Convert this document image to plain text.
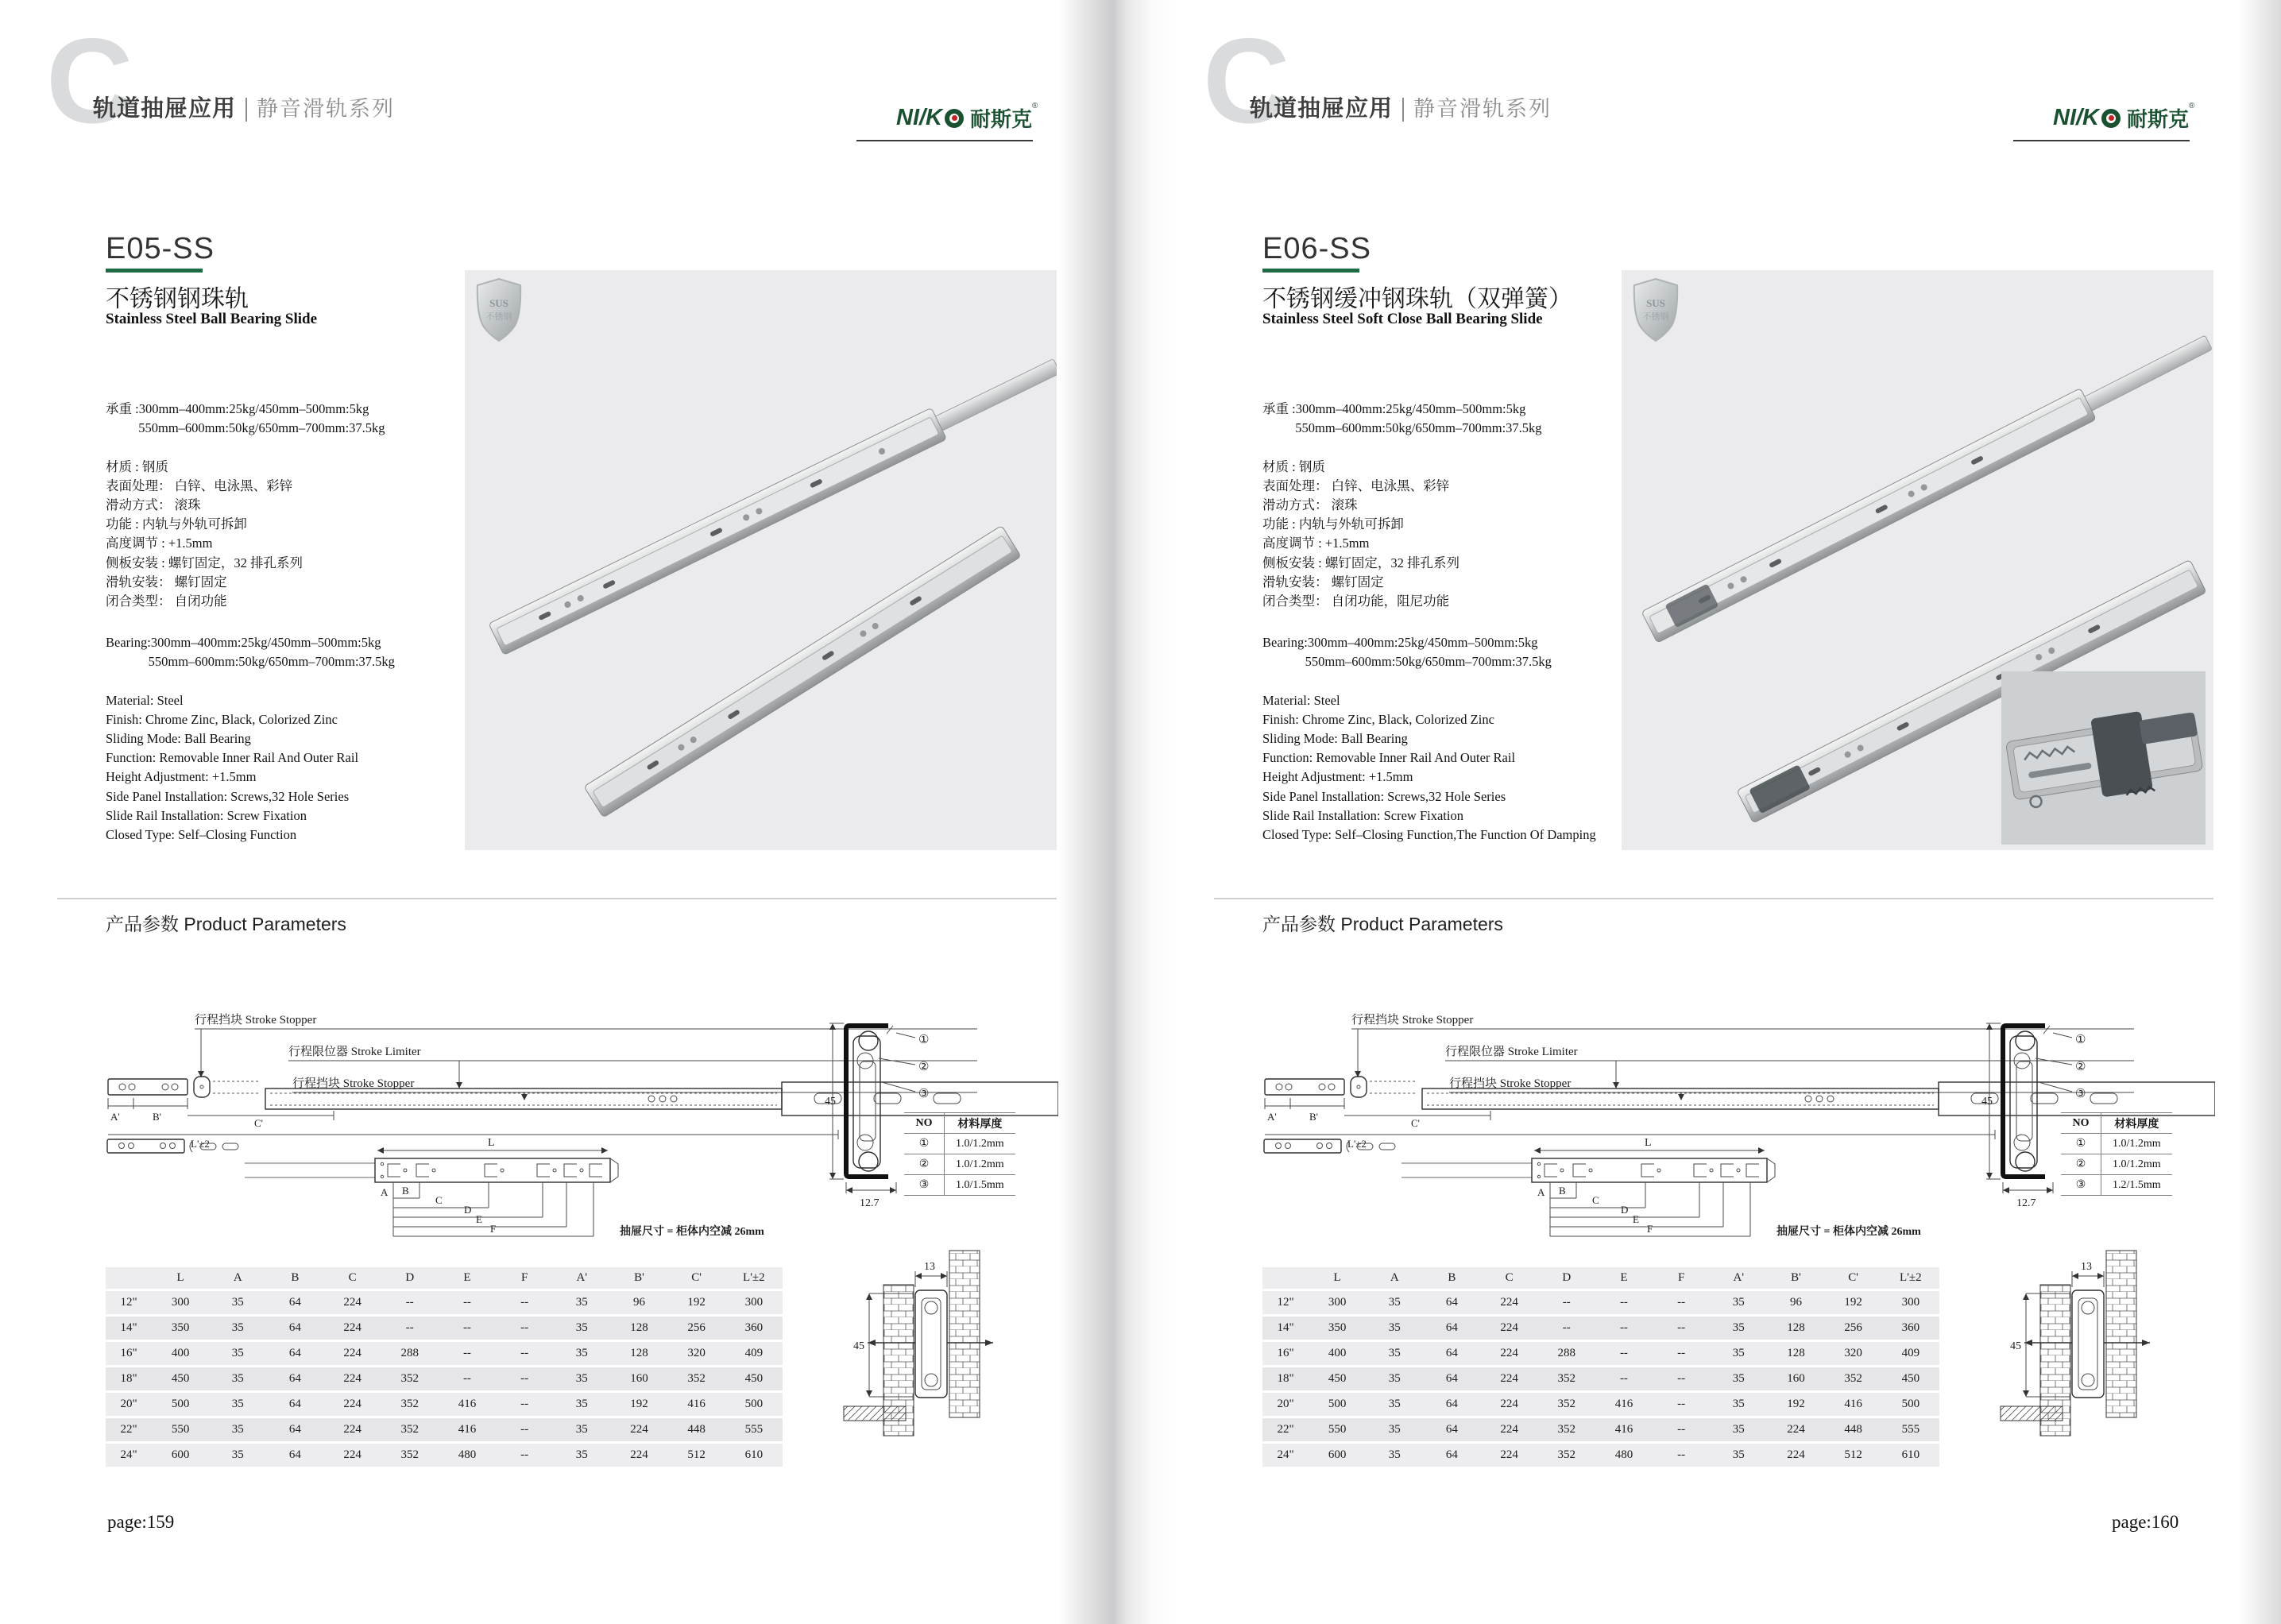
C
轨道抽屉应用 静音滑轨系列	NI/K 耐斯克
®
E05-SS
不锈钢钢珠轨
Stainless Steel Ball Bearing Slide
SUS
不锈钢
承重 :300mm–400mm:25kg/450mm–500mm:5kg
550mm–600mm:50kg/650mm–700mm:37.5kg
材质 : 钢质
表面处理： 白锌、电泳黑、彩锌
滑动方式： 滚珠
功能 : 内轨与外轨可拆卸
高度调节 : +1.5mm
侧板安装 : 螺钉固定，32 排孔系列
滑轨安装： 螺钉固定
闭合类型： 自闭功能
Bearing:300mm–400mm:25kg/450mm–500mm:5kg
550mm–600mm:50kg/650mm–700mm:37.5kg
Material: Steel
Finish: Chrome Zinc, Black, Colorized Zinc
Sliding Mode: Ball Bearing
Function: Removable Inner Rail And Outer Rail
Height Adjustment: +1.5mm
Side Panel Installation: Screws,32 Hole Series
Slide Rail Installation: Screw Fixation
Closed Type: Self–Closing Function
产品参数 Product Parameters
行程挡块 Stroke Stopper
行程限位器 Stroke Limiter
行程挡块 Stroke Stopper
A'	B'
C'
L'±2	L
A B
C
D
E
F	抽屉尺寸 = 柜体内空减 26mm
45
①
②
③
12.7
NO	材料厚度
①	1.0/1.2mm
②	1.0/1.2mm
③	1.0/1.5mm
	L	A	B	C	D	E	F	A'	B'	C'	L'±2
12"	300	35	64	224	--	--	--	35	96	192	300
14"	350	35	64	224	--	--	--	35	128	256	360
16"	400	35	64	224	288	--	--	35	128	320	409
18"	450	35	64	224	352	--	--	35	160	352	450
20"	500	35	64	224	352	416	--	35	192	416	500
22"	550	35	64	224	352	416	--	35	224	448	555
24"	600	35	64	224	352	480	--	35	224	512	610
13
45
page:159
C
轨道抽屉应用 静音滑轨系列	NI/K 耐斯克
®
E06-SS
不锈钢缓冲钢珠轨（双弹簧）
Stainless Steel Soft Close Ball Bearing Slide
SUS
不锈钢
承重 :300mm–400mm:25kg/450mm–500mm:5kg
550mm–600mm:50kg/650mm–700mm:37.5kg
材质 : 钢质
表面处理： 白锌、电泳黑、彩锌
滑动方式： 滚珠
功能 : 内轨与外轨可拆卸
高度调节 : +1.5mm
侧板安装 : 螺钉固定，32 排孔系列
滑轨安装： 螺钉固定
闭合类型： 自闭功能，阻尼功能
Bearing:300mm–400mm:25kg/450mm–500mm:5kg
550mm–600mm:50kg/650mm–700mm:37.5kg
Material: Steel
Finish: Chrome Zinc, Black, Colorized Zinc
Sliding Mode: Ball Bearing
Function: Removable Inner Rail And Outer Rail
Height Adjustment: +1.5mm
Side Panel Installation: Screws,32 Hole Series
Slide Rail Installation: Screw Fixation
Closed Type: Self–Closing Function,The Function Of Damping
产品参数 Product Parameters
行程挡块 Stroke Stopper
行程限位器 Stroke Limiter
行程挡块 Stroke Stopper
A'	B'
C'
L'±2	L
A B
C
D
E
F	抽屉尺寸 = 柜体内空减 26mm
45
①
②
③
12.7
NO	材料厚度
①	1.0/1.2mm
②	1.0/1.2mm
③	1.2/1.5mm
	L	A	B	C	D	E	F	A'	B'	C'	L'±2
12"	300	35	64	224	--	--	--	35	96	192	300
14"	350	35	64	224	--	--	--	35	128	256	360
16"	400	35	64	224	288	--	--	35	128	320	409
18"	450	35	64	224	352	--	--	35	160	352	450
20"	500	35	64	224	352	416	--	35	192	416	500
22"	550	35	64	224	352	416	--	35	224	448	555
24"	600	35	64	224	352	480	--	35	224	512	610
13
45
page:160
